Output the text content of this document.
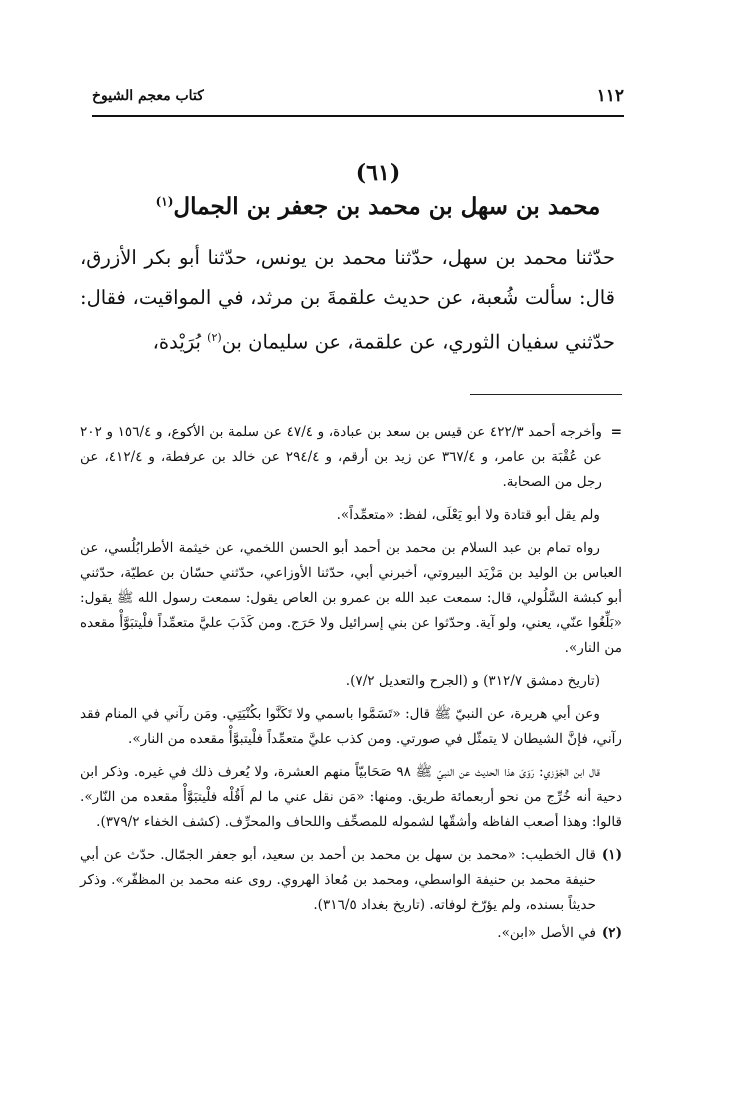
١١٢
كتاب معجم الشيوخ
(٦١)
محمد بن سهل بن محمد بن جعفر بن الجمال$^{(١)}$

حدّثنا محمد بن سهل، حدّثنا محمد بن يونس، حدّثنا أبو بكر الأزرق، قال: سألت شُعبة، عن حديث علقمةَ بن مرثد، في المواقيت، فقال: حدّثني سفيان الثوري، عن علقمة، عن سليمان بن$^{(٢)}$ بُرَيْدة،

=
وأخرجه أحمد ٤٢٢/٣ عن قيس بن سعد بن عبادة، و ٤٧/٤ عن سلمة بن الأكوع، و ١٥٦/٤ و ٢٠٢ عن عُقْبَة بن عامر، و ٣٦٧/٤ عن زيد بن أرقم، و ٢٩٤/٤ عن خالد بن عرفطة، و ٤١٢/٤، عن رجل من الصحابة.

ولم يقل أبو قتادة ولا أبو يَعْلَى، لفظ: «متعمِّداً».

رواه تمام بن عبد السلام بن محمد بن أحمد أبو الحسن اللخمي، عن خيثمة الأطرابُلُسي، عن العباس بن الوليد بن مَزْيَد البيروتي، أخبرني أبي، حدّثنا الأوزاعي، حدّثني حسّان بن عطيّة، حدّثني أبو كبشة السَّلُولي، قال: سمعت عبد الله بن عمرو بن العاص يقول: سمعت رسول الله ﷺ يقول: «بَلِّغُوا عنّي، يعني، ولو آية. وحدّثوا عن بني إسرائيل ولا حَرَج. ومن كَذَبَ عليَّ متعمِّداً فلْيتبَوَّأْ مقعده من النار».

(تاريخ دمشق ٣١٢/٧) و (الجرح والتعديل ٧/٢).

وعن أبي هريرة، عن النبيّ ﷺ قال: «تَسَمَّوا باسمي ولا تَكَنَّوا بكُنْيَتِي. ومَن رآني في المنام فقد رآني، فإنَّ الشيطان لا يتمثّل في صورتي. ومن كذب عليَّ متعمِّداً فلْيتبوَّأْ مقعده من النار».

قال ابن الجَوْزي: رَوَىَ هذا الحديث عن النبيّ ﷺ ٩٨ صَحَابيّاً منهم العشرة، ولا يُعرف ذلك في غيره. وذكر ابن دحية أنه خُرِّج من نحو أربعمائة طريق. ومنها: «مَن نقل عني ما لم أَقُلْه فلْيتبَوَّأْ مقعده من النّار». قالوا: وهذا أصعب الفاظه وأشقّها لشموله للمصحِّف واللحاف والمحرِّف. (كشف الخفاء ٣٧٩/٢).

(١)
قال الخطيب: «محمد بن سهل بن محمد بن أحمد بن سعيد، أبو جعفر الجمّال. حدّث عن أبي حنيفة محمد بن حنيفة الواسطي، ومحمد بن مُعاذ الهروي. روى عنه محمد بن المظفّر». وذكر حديثاً بسنده، ولم يؤرّخ لوفاته. (تاريخ بغداد ٣١٦/٥).

(٢)
في الأصل «ابن».
